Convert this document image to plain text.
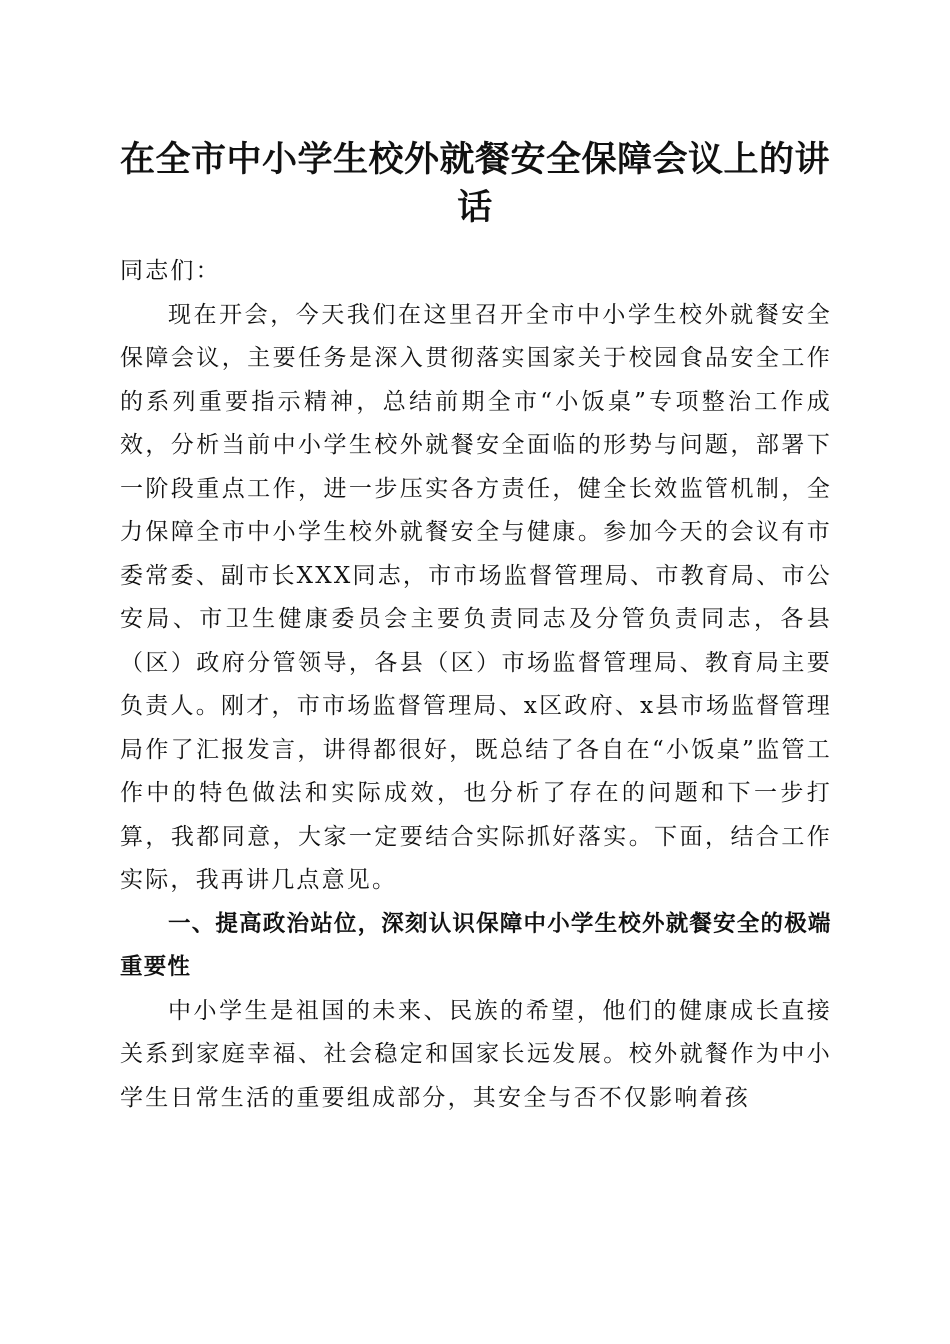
在全市中小学生校外就餐安全保障会议上的讲话

同志们：

现在开会，今天我们在这里召开全市中小学生校外就餐安全保障会议，主要任务是深入贯彻落实国家关于校园食品安全工作的系列重要指示精神，总结前期全市“小饭桌”专项整治工作成效，分析当前中小学生校外就餐安全面临的形势与问题，部署下一阶段重点工作，进一步压实各方责任，健全长效监管机制，全力保障全市中小学生校外就餐安全与健康。参加今天的会议有市委常委、副市长XXX同志，市市场监督管理局、市教育局、市公安局、市卫生健康委员会主要负责同志及分管负责同志，各县（区）政府分管领导，各县（区）市场监督管理局、教育局主要负责人。刚才，市市场监督管理局、x区政府、x县市场监督管理局作了汇报发言，讲得都很好，既总结了各自在“小饭桌”监管工作中的特色做法和实际成效，也分析了存在的问题和下一步打算，我都同意，大家一定要结合实际抓好落实。下面，结合工作实际，我再讲几点意见。

一、提高政治站位，深刻认识保障中小学生校外就餐安全的极端重要性

中小学生是祖国的未来、民族的希望，他们的健康成长直接关系到家庭幸福、社会稳定和国家长远发展。校外就餐作为中小学生日常生活的重要组成部分，其安全与否不仅影响着孩
